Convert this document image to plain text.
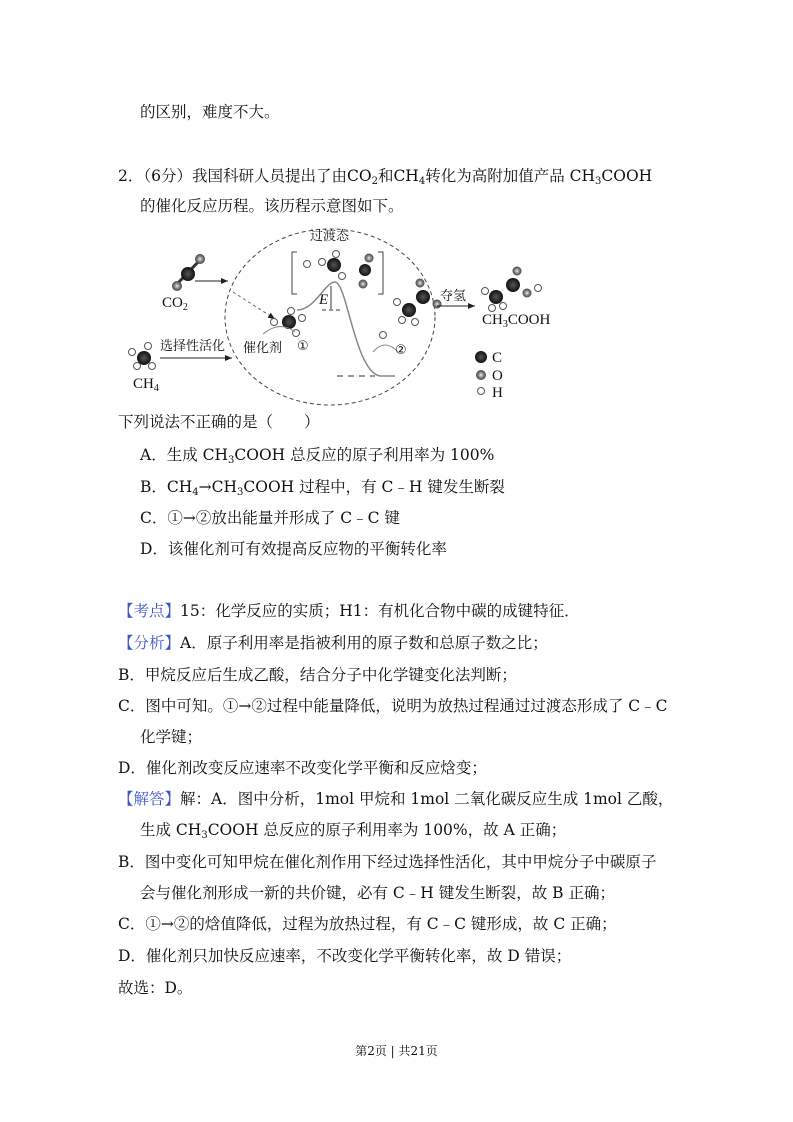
的区别，难度不大。
2．（6分）我国科研人员提出了由$CO_2$和$CH_4$转化为高附加值产品 $CH_3COOH$
的催化反应历程。该历程示意图如下。
$CO_2$
选择性活化
$CH_4$
E
过渡态
催化剂 ①	②
夺氢
$CH_3COOH$
C
O
H
下列说法不正确的是（　　）
A．生成 $CH_3COOH$ 总反应的原子利用率为 100%
B．$CH_4\to CH_3COOH$ 过程中，有 C﹣H 键发生断裂
C．①→②放出能量并形成了 C﹣C 键
D．该催化剂可有效提高反应物的平衡转化率
【考点】15：化学反应的实质；H1：有机化合物中碳的成键特征．
【分析】A．原子利用率是指被利用的原子数和总原子数之比；
B．甲烷反应后生成乙酸，结合分子中化学键变化法判断；
C．图中可知。①→②过程中能量降低，说明为放热过程通过过渡态形成了 C﹣C
化学键；
D．催化剂改变反应速率不改变化学平衡和反应焓变；
【解答】解：A．图中分析，1mol 甲烷和 1mol 二氧化碳反应生成 1mol 乙酸，
生成 $CH_3COOH$ 总反应的原子利用率为 100%，故 A 正确；
B．图中变化可知甲烷在催化剂作用下经过选择性活化，其中甲烷分子中碳原子
会与催化剂形成一新的共价键，必有 C﹣H 键发生断裂，故 B 正确；
C．①→②的焓值降低，过程为放热过程，有 C﹣C 键形成，故 C 正确；
D．催化剂只加快反应速率，不改变化学平衡转化率，故 D 错误；
故选：D。
第2页 | 共21页
